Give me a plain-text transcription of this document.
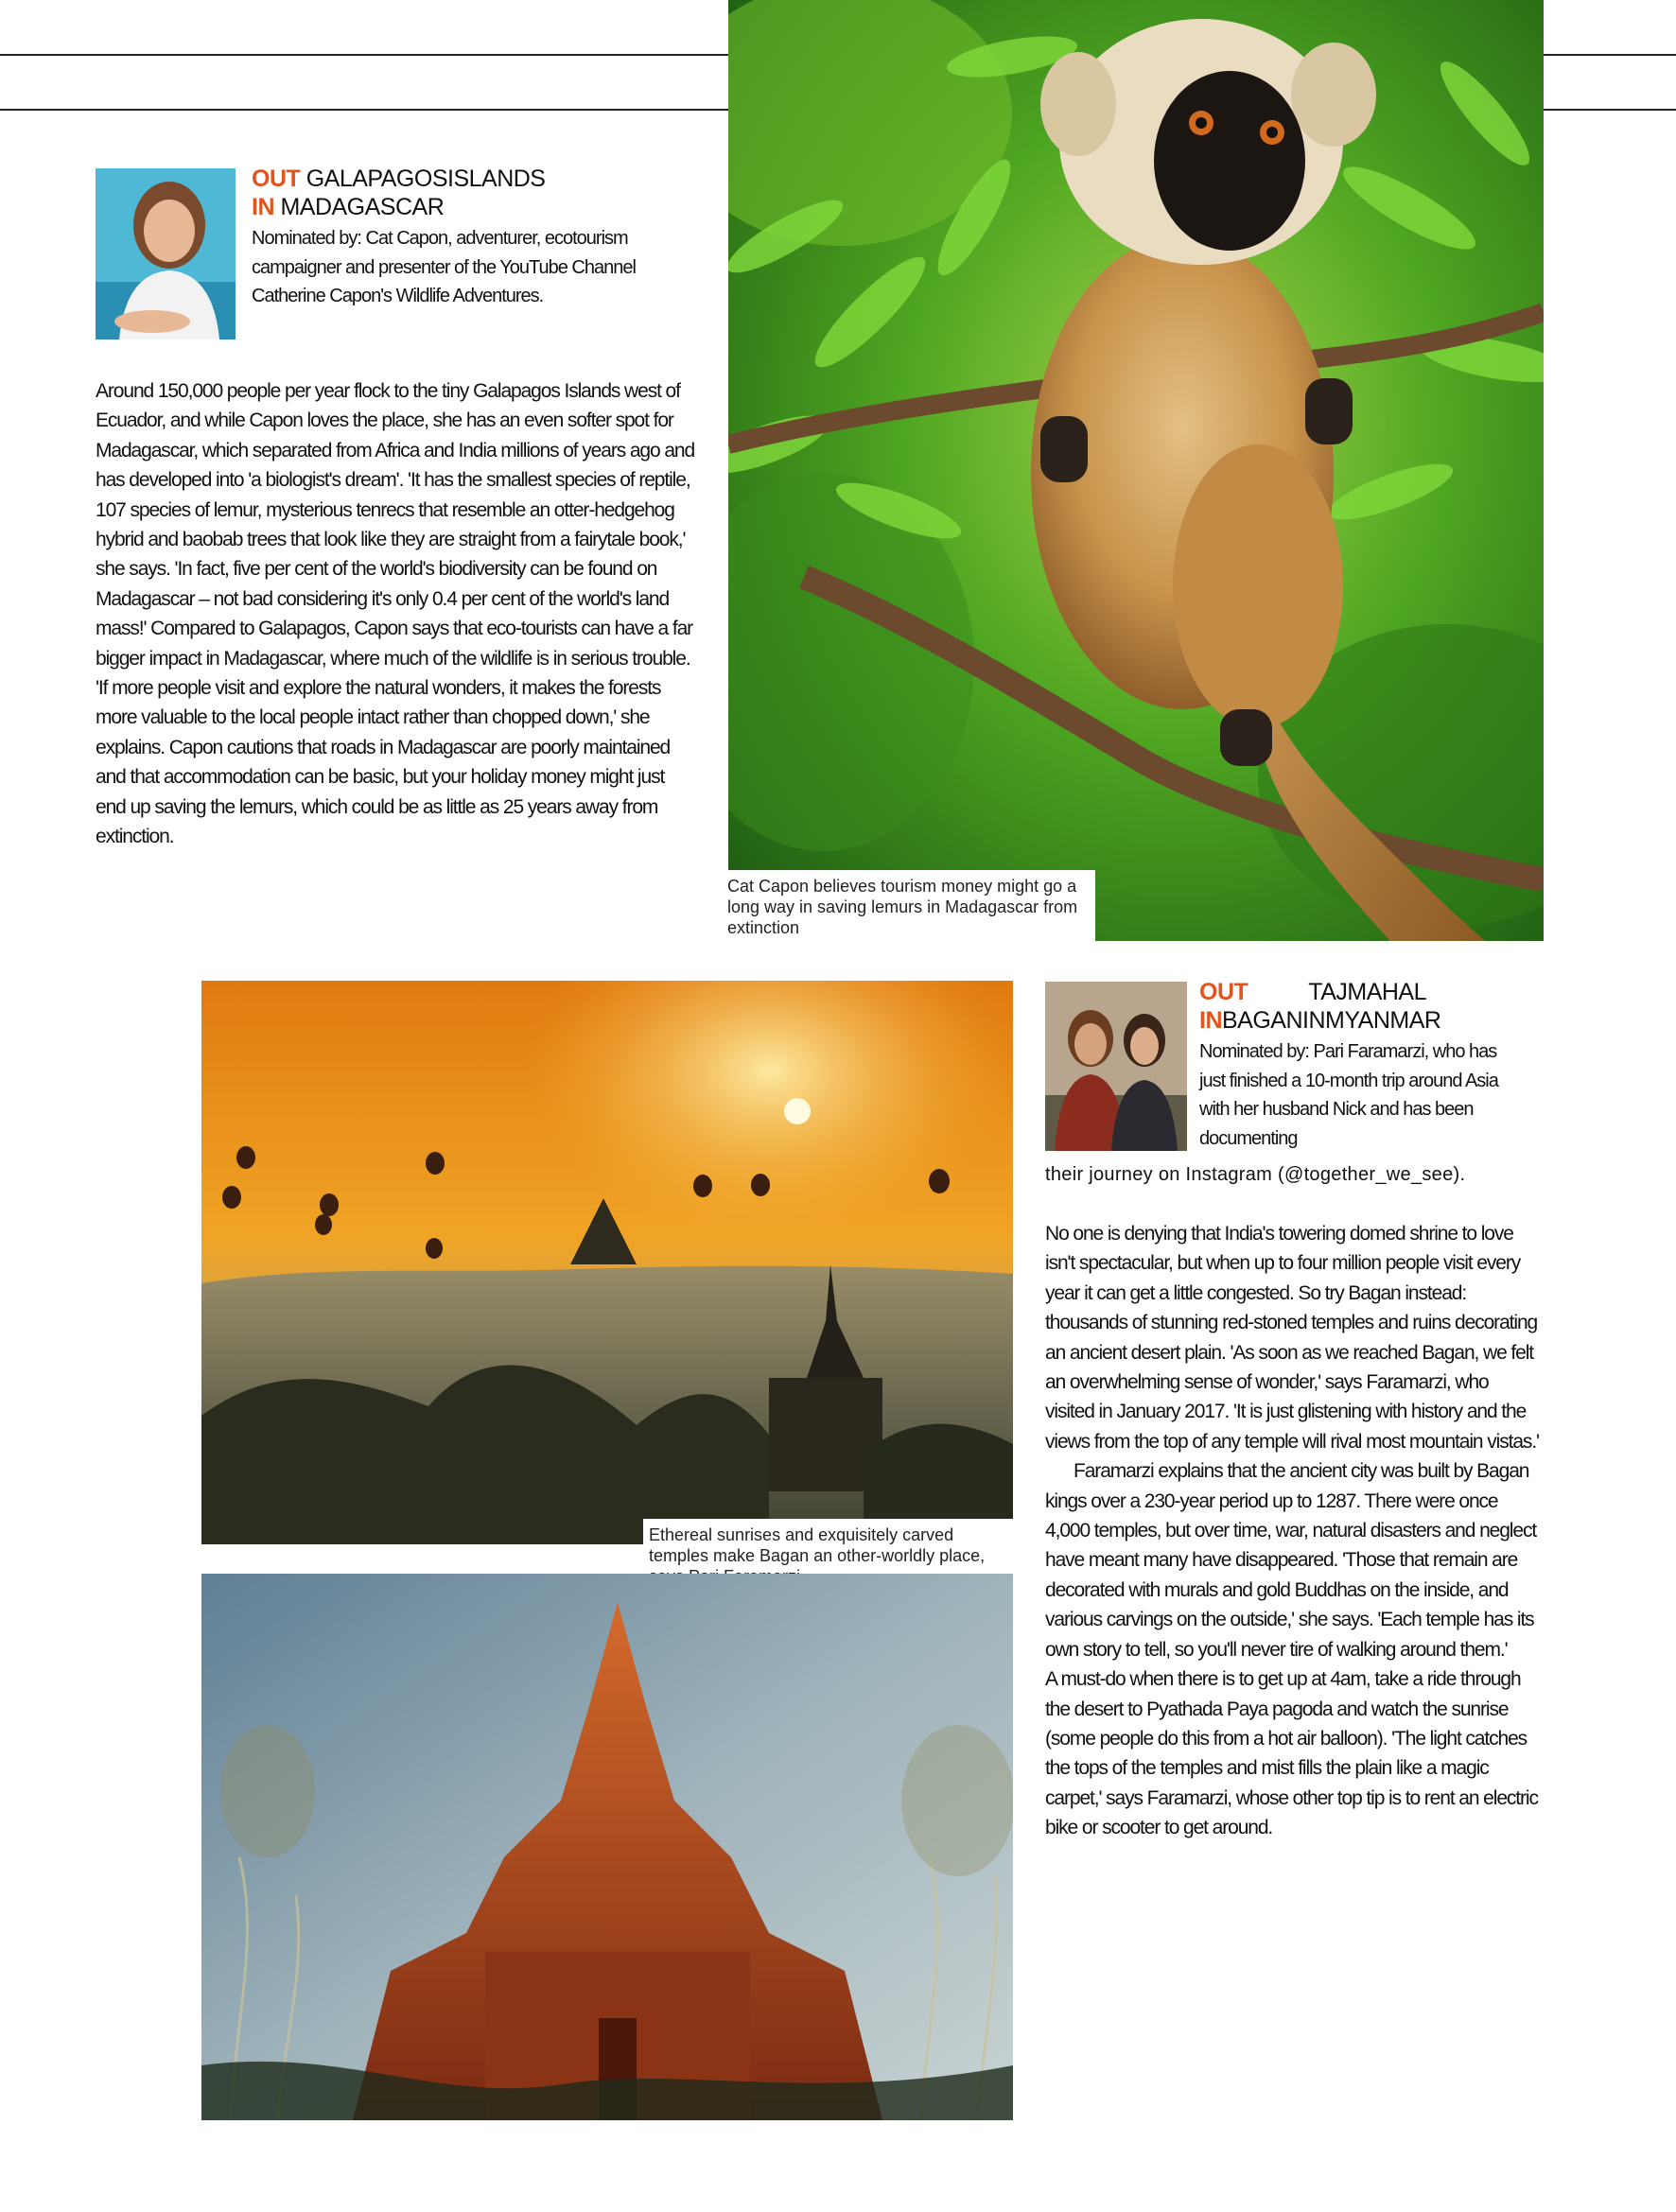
Cat Capon believes tourism money might go a long way in saving lemurs in Madagascar from extinction
OUT GALAPAGOSISLANDS
IN MADAGASCAR
Nominated by: Cat Capon, adventurer, ecotourism campaigner and presenter of the YouTube Channel Catherine Capon's Wildlife Adventures.

Around 150,000 people per year flock to the tiny Galapagos Islands west of Ecuador, and while Capon loves the place, she has an even softer spot for Madagascar, which separated from Africa and India millions of years ago and has developed into 'a biologist's dream'. 'It has the smallest species of reptile, 107 species of lemur, mysterious tenrecs that resemble an otter-hedgehog hybrid and baobab trees that look like they are straight from a fairytale book,' she says. 'In fact, five per cent of the world's biodiversity can be found on Madagascar – not bad considering it's only 0.4 per cent of the world's land mass!' Compared to Galapagos, Capon says that eco-tourists can have a far bigger impact in Madagascar, where much of the wildlife is in serious trouble. 'If more people visit and explore the natural wonders, it makes the forests more valuable to the local people intact rather than chopped down,' she explains. Capon cautions that roads in Madagascar are poorly maintained and that accommodation can be basic, but your holiday money might just end up saving the lemurs, which could be as little as 25 years away from extinction.

Ethereal sunrises and exquisitely carved temples make Bagan an other-worldly place,
OUT	TAJMAHAL
INBAGANINMYANMAR
Nominated by: Pari Faramarzi, who has just finished a 10-month trip around Asia with her husband Nick and has been documenting
their journey on Instagram (@together_we_see).

No one is denying that India's towering domed shrine to love isn't spectacular, but when up to four million people visit every year it can get a little congested. So try Bagan instead: thousands of stunning red-stoned temples and ruins decorating an ancient desert plain. 'As soon as we reached Bagan, we felt an overwhelming sense of wonder,' says Faramarzi, who visited in January 2017. 'It is just glistening with history and the views from the top of any temple will rival most mountain vistas.'

Faramarzi explains that the ancient city was built by Bagan kings over a 230-year period up to 1287. There were once 4,000 temples, but over time, war, natural disasters and neglect have meant many have disappeared. 'Those that remain are decorated with murals and gold Buddhas on the inside, and various carvings on the outside,' she says. 'Each temple has its own story to tell, so you'll never tire of walking around them.'

A must-do when there is to get up at 4am, take a ride through the desert to Pyathada Paya pagoda and watch the sunrise (some people do this from a hot air balloon). 'The light catches the tops of the temples and mist fills the plain like a magic carpet,' says Faramarzi, whose other top tip is to rent an electric bike or scooter to get around.
